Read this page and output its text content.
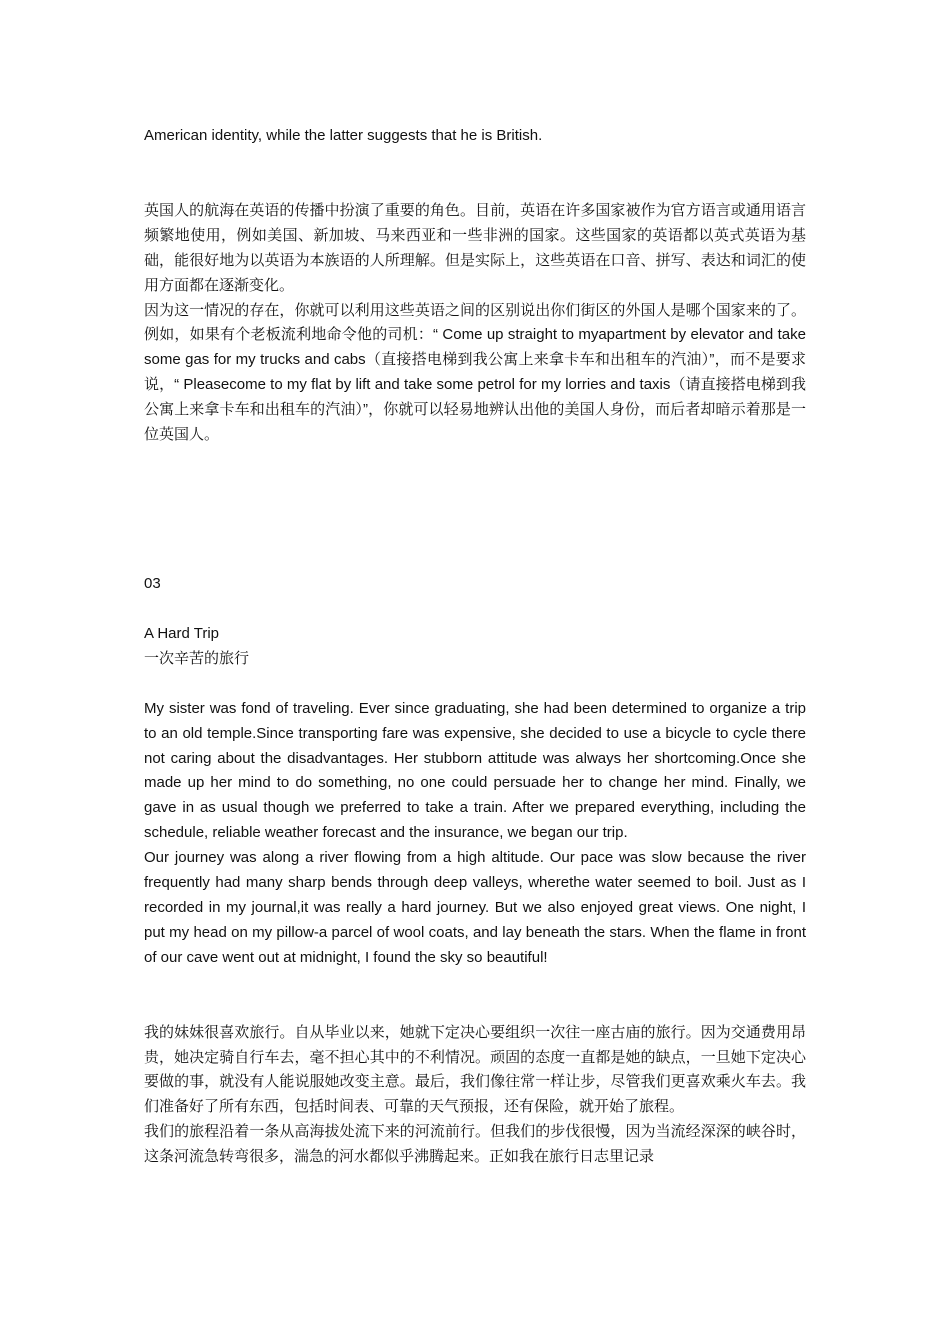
American identity, while the latter suggests that he is British.

英国人的航海在英语的传播中扮演了重要的角色。目前，英语在许多国家被作为官方语言或通用语言频繁地使用，例如美国、新加坡、马来西亚和一些非洲的国家。这些国家的英语都以英式英语为基础，能很好地为以英语为本族语的人所理解。但是实际上，这些英语在口音、拼写、表达和词汇的使用方面都在逐渐变化。

因为这一情况的存在，你就可以利用这些英语之间的区别说出你们街区的外国人是哪个国家来的了。例如，如果有个老板流利地命令他的司机：“ Come up straight to myapartment by elevator and take some gas for my trucks and cabs（直接搭电梯到我公寓上来拿卡车和出租车的汽油）”，而不是要求说，“ Pleasecome to my flat by lift and take some petrol for my lorries and taxis（请直接搭电梯到我公寓上来拿卡车和出租车的汽油）”，你就可以轻易地辨认出他的美国人身份，而后者却暗示着那是一位英国人。

03

A Hard Trip

一次辛苦的旅行

My sister was fond of traveling. Ever since graduating, she had been determined to organize a trip to an old temple.Since transporting fare was expensive, she decided to use a bicycle to cycle there not caring about the disadvantages. Her stubborn attitude was always her shortcoming.Once she made up her mind to do something, no one could persuade her to change her mind. Finally, we gave in as usual though we preferred to take a train. After we prepared everything, including the schedule, reliable weather forecast and the insurance, we began our trip.

Our journey was along a river flowing from a high altitude. Our pace was slow because the river frequently had many sharp bends through deep valleys, wherethe water seemed to boil. Just as I recorded in my journal,it was really a hard journey. But we also enjoyed great views. One night, I put my head on my pillow-a parcel of wool coats, and lay beneath the stars. When the flame in front of our cave went out at midnight, I found the sky so beautiful!

我的妹妹很喜欢旅行。自从毕业以来，她就下定决心要组织一次往一座古庙的旅行。因为交通费用昂贵，她决定骑自行车去，毫不担心其中的不利情况。顽固的态度一直都是她的缺点，一旦她下定决心要做的事，就没有人能说服她改变主意。最后，我们像往常一样让步，尽管我们更喜欢乘火车去。我们准备好了所有东西，包括时间表、可靠的天气预报，还有保险，就开始了旅程。

我们的旅程沿着一条从高海拔处流下来的河流前行。但我们的步伐很慢，因为当流经深深的峡谷时，这条河流急转弯很多，湍急的河水都似乎沸腾起来。正如我在旅行日志里记录
